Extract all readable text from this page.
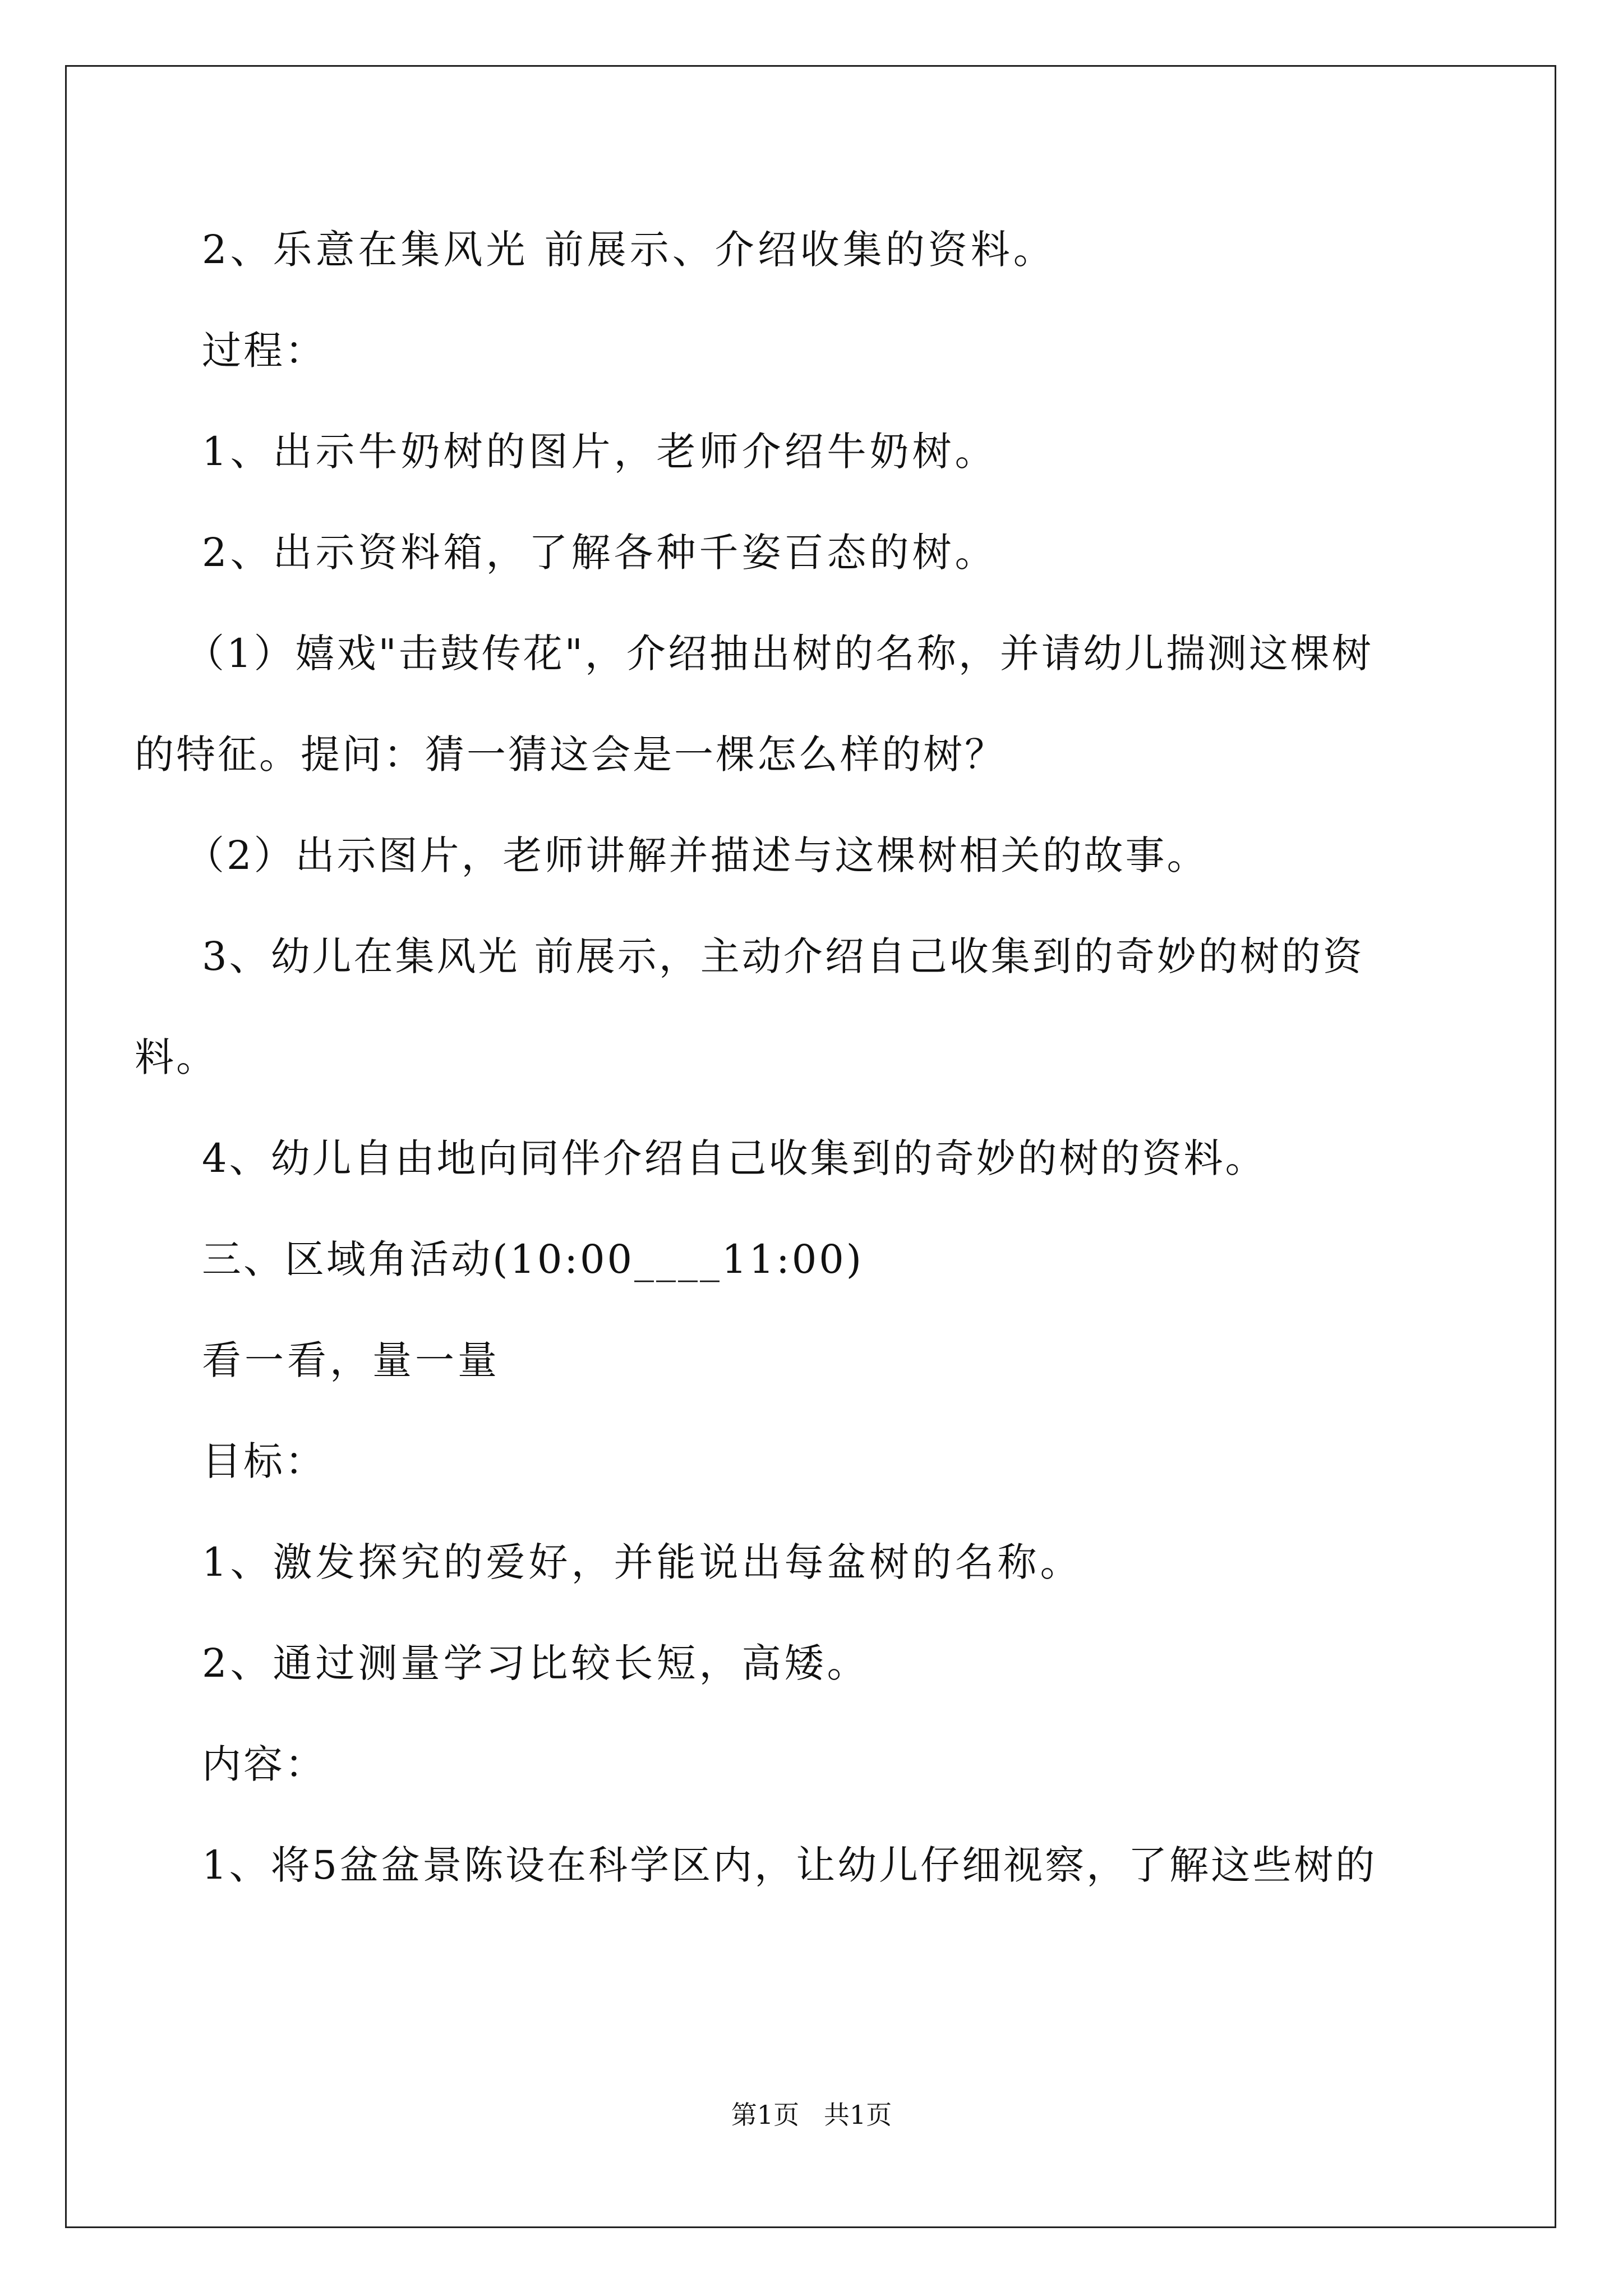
2、乐意在集风光 前展示、介绍收集的资料。
过程：
1、出示牛奶树的图片，老师介绍牛奶树。
2、出示资料箱，了解各种千姿百态的树。
（1）嬉戏"击鼓传花"，介绍抽出树的名称，并请幼儿揣测这棵树
的特征。提问：猜一猜这会是一棵怎么样的树？
（2）出示图片，老师讲解并描述与这棵树相关的故事。
3、幼儿在集风光 前展示，主动介绍自己收集到的奇妙的树的资
料。
4、幼儿自由地向同伴介绍自己收集到的奇妙的树的资料。
三、区域角活动(10:00____11:00)
看一看，量一量
目标：
1、激发探究的爱好，并能说出每盆树的名称。
2、通过测量学习比较长短，高矮。
内容：
1、将5盆盆景陈设在科学区内，让幼儿仔细视察，了解这些树的
第1页   共1页
